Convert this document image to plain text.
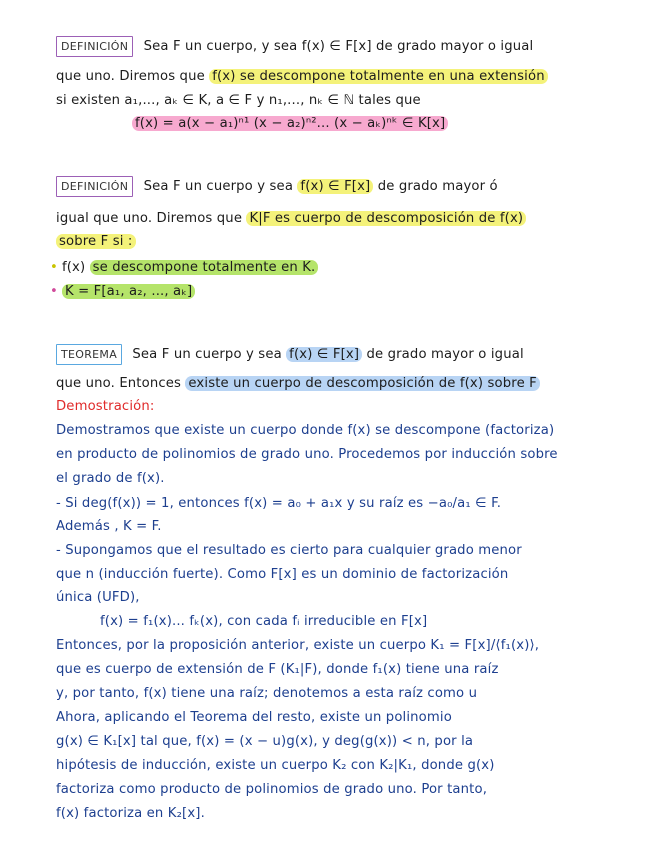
DEFINICIÓN Sea F un cuerpo, y sea f(x) ∈ F[x] de grado mayor o igual
que uno. Diremos que f(x) se descompone totalmente en una extensión
si existen a₁,..., aₖ ∈ K, a ∈ F y n₁,..., nₖ ∈ ℕ tales que
f(x) = a(x − a₁)ⁿ¹ (x − a₂)ⁿ²... (x − aₖ)ⁿᵏ ∈ K[x]
DEFINICIÓN Sea F un cuerpo y sea f(x) ∈ F[x] de grado mayor ó
igual que uno. Diremos que K|F es cuerpo de descomposición de f(x)
sobre F si :
• f(x) se descompone totalmente en K.
• K = F[a₁, a₂, ..., aₖ]
TEOREMA Sea F un cuerpo y sea f(x) ∈ F[x] de grado mayor o igual
que uno. Entonces existe un cuerpo de descomposición de f(x) sobre F
Demostración:
Demostramos que existe un cuerpo donde f(x) se descompone (factoriza)
en producto de polinomios de grado uno. Procedemos por inducción sobre
el grado de f(x).
- Si deg(f(x)) = 1, entonces f(x) = a₀ + a₁x y su raíz es −a₀/a₁ ∈ F.
Además , K = F.
- Supongamos que el resultado es cierto para cualquier grado menor
que n (inducción fuerte). Como F[x] es un dominio de factorización
única (UFD),
f(x) = f₁(x)... fₖ(x), con cada fᵢ irreducible en F[x]
Entonces, por la proposición anterior, existe un cuerpo K₁ = F[x]/⟨f₁(x)⟩,
que es cuerpo de extensión de F (K₁|F), donde f₁(x) tiene una raíz
y, por tanto, f(x) tiene una raíz; denotemos a esta raíz como u
Ahora, aplicando el Teorema del resto, existe un polinomio
g(x) ∈ K₁[x] tal que, f(x) = (x − u)g(x), y deg(g(x)) < n, por la
hipótesis de inducción, existe un cuerpo K₂ con K₂|K₁, donde g(x)
factoriza como producto de polinomios de grado uno. Por tanto,
f(x) factoriza en K₂[x].
